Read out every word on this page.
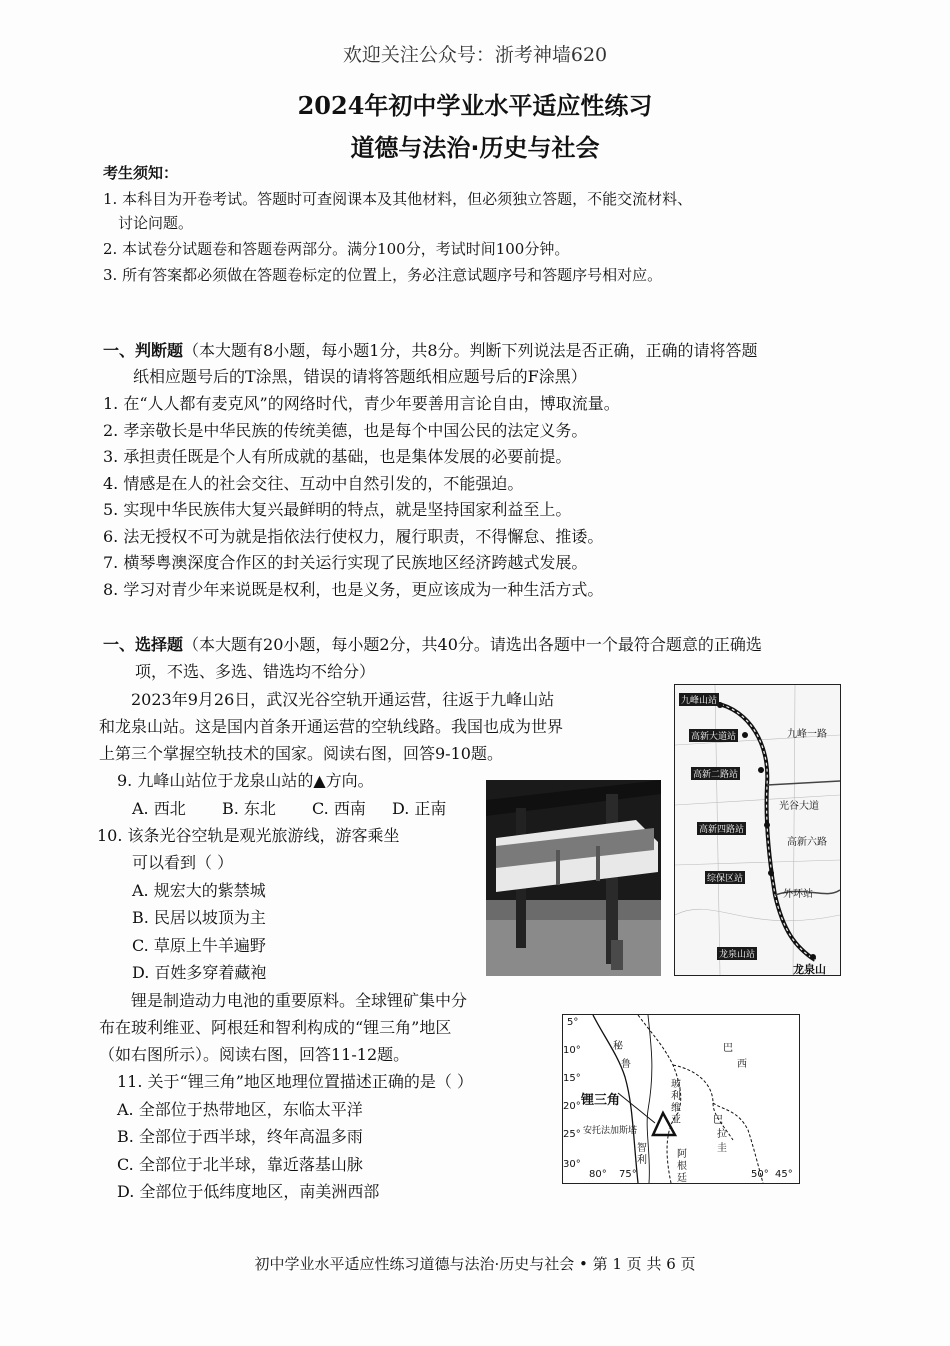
欢迎关注公众号：浙考神墙620
2024年初中学业水平适应性练习
道德与法治·历史与社会
考生须知：
1. 本科目为开卷考试。答题时可查阅课本及其他材料，但必须独立答题，不能交流材料、
讨论问题。
2. 本试卷分试题卷和答题卷两部分。满分100分，考试时间100分钟。
3. 所有答案都必须做在答题卷标定的位置上，务必注意试题序号和答题序号相对应。
一、判断题（本大题有8小题，每小题1分，共8分。判断下列说法是否正确，正确的请将答题
纸相应题号后的T涂黑，错误的请将答题纸相应题号后的F涂黑）
1. 在“人人都有麦克风”的网络时代，青少年要善用言论自由，博取流量。
2. 孝亲敬长是中华民族的传统美德，也是每个中国公民的法定义务。
3. 承担责任既是个人有所成就的基础，也是集体发展的必要前提。
4. 情感是在人的社会交往、互动中自然引发的，不能强迫。
5. 实现中华民族伟大复兴最鲜明的特点，就是坚持国家利益至上。
6. 法无授权不可为就是指依法行使权力，履行职责，不得懈怠、推诿。
7. 横琴粤澳深度合作区的封关运行实现了民族地区经济跨越式发展。
8. 学习对青少年来说既是权利，也是义务，更应该成为一种生活方式。
一、选择题（本大题有20小题，每小题2分，共40分。请选出各题中一个最符合题意的正确选
项，不选、多选、错选均不给分）
2023年9月26日，武汉光谷空轨开通运营，往返于九峰山站
和龙泉山站。这是国内首条开通运营的空轨线路。我国也成为世界
上第三个掌握空轨技术的国家。阅读右图，回答9-10题。
9. 九峰山站位于龙泉山站的▲方向。
A. 西北 B. 东北 C. 西南 D. 正南
10. 该条光谷空轨是观光旅游线，游客乘坐
可以看到（ ）
A. 规宏大的紫禁城
B. 民居以坡顶为主
C. 草原上牛羊遍野
D. 百姓多穿着藏袍
锂是制造动力电池的重要原料。全球锂矿集中分
布在玻利维亚、阿根廷和智利构成的“锂三角”地区
（如右图所示）。阅读右图，回答11-12题。
11. 关于“锂三角”地区地理位置描述正确的是（ ）
A. 全部位于热带地区，东临太平洋
B. 全部位于西半球，终年高温多雨
C. 全部位于北半球，靠近落基山脉
D. 全部位于低纬度地区，南美洲西部
九峰山站
高新大道站
高新二路站
高新四路站
综保区站
龙泉山站
九峰一路
光谷大道
高新六路
外环站
龙泉山
5°
10°
15°
20°
25°
30°
80° 75°	50° 45°
秘
鲁
巴
西
玻
利
维
亚	巴
拉
圭
阿
根
廷
智
利
锂三角
安托法加斯塔
初中学业水平适应性练习道德与法治·历史与社会 • 第 1 页 共 6 页
